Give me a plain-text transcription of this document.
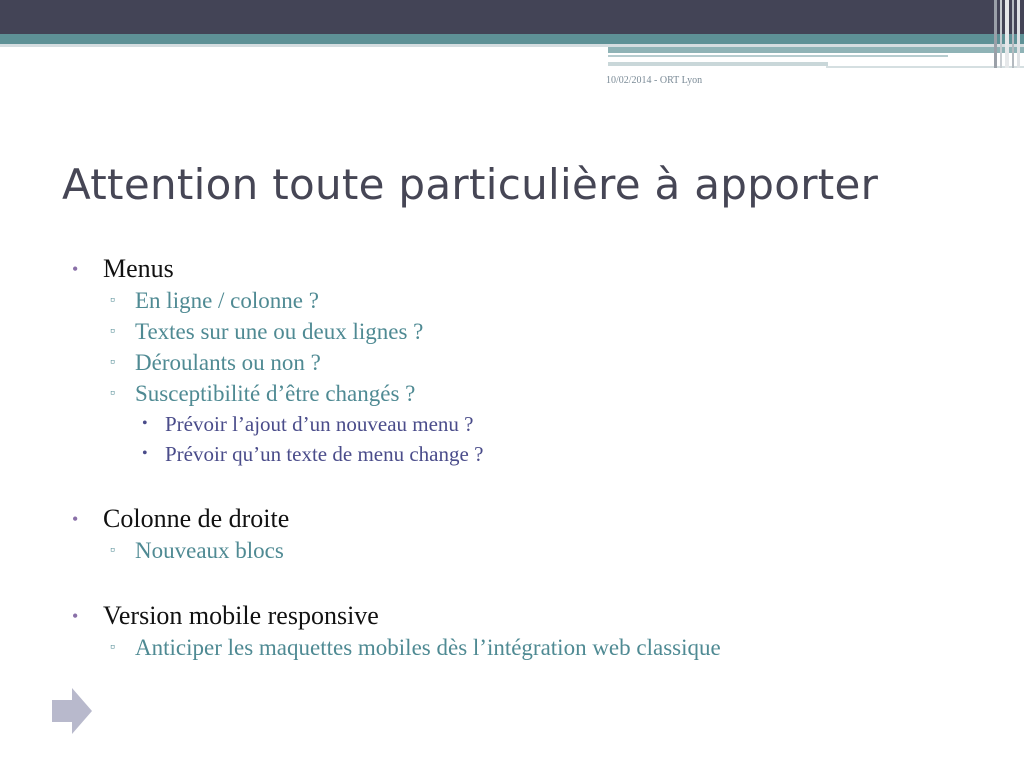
10/02/2014 - ORT Lyon
Attention toute particulière à apporter
• Menus
▫ En ligne / colonne ?
▫ Textes sur une ou deux lignes ?
▫ Déroulants ou non ?
▫ Susceptibilité d’être changés ?
• Prévoir l’ajout d’un nouveau menu ?
• Prévoir qu’un texte de menu change ?
• Colonne de droite
▫ Nouveaux blocs
• Version mobile responsive
▫ Anticiper les maquettes mobiles dès l’intégration web classique
